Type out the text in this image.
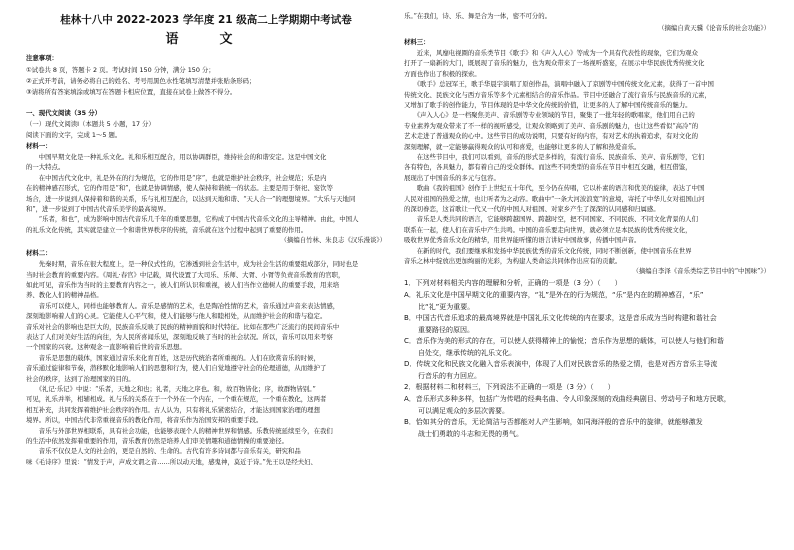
桂林十八中 2022-2023 学年度 21 级高二上学期期中考试卷
语　文
注意事项：
①试卷共 8 页，答题卡 2 页。考试时间 150 分钟，满分 150 分；
②正式开考前，请务必将自己的姓名、考号用黑色水性笔填写清楚并张贴条形码；
③请将所有答案填涂或填写在答题卡相应位置，直接在试卷上做答不得分。
一、现代文阅读（35 分）
（一）现代文阅读Ⅰ（本题共 5 小题，17 分）
阅读下面的文字，完成 1～5 题。
材料一：
　　中国早期文化是一种礼乐文化。礼和乐相互配合，用以协调群臣，维持社会的和谐安定。这是中国文化
的一大特点。
　　在中国古代文化中，礼是外在的行为规范，它的作用是“序”，也就是维护社会秩序，社会规范；乐是内
在的精神感召形式，它的作用是“和”，也就是协调情感，使人保持和谐统一的状态。主要是用于祭祀、宴饮等
场合，进一步说到人保持着和谐的关系，乐与礼相互配合，以达到天地和谐、“天人合一”的理想境界。“大乐与天地同
和”，进一步说到了中国古代音乐美学的最高境界。
　　“乐者，和也”，成为影响中国古代音乐几千年的重要思想，它构成了中国古代音乐文化的主导精神。由此，中国人
的礼乐文化传统，其实就是建立一个和谐世界秩序的传统，音乐就在这个过程中起到了重要的作用。
（摘编自竹林、朱良志《汉乐漫谈》）
材料二：
　　先秦时期，音乐在很大程度上，是一种仪式性的，它渗透到社会生活中，成为社会生活的重要组成部分，同时也是
当时社会教育的重要内容。《周礼·春官》中记载，周代设置了大司乐、乐师、大胥、小胥等负责音乐教育的官职，
如此可见，音乐作为当时的主要教育内容之一，被人们所认识和重视，被人们当作立德树人的重要手段，用来培
养、教化人们的精神品格。
　　音乐可以使人，同样也能够教育人。音乐是感情的艺术，也是陶冶性情的艺术，音乐通过声音来表达情感，
深刻地影响着人们的心灵。它能使人心平气和，使人们能够与他人和睦相处，从而维护社会的和谐与稳定。
音乐对社会的影响也是巨大的，民族音乐反映了民族的精神面貌和时代特征。比如在那些广泛流行的民间音乐中
表达了人们对美好生活的向往，为人民所喜闻乐见，深刻地反映了当时的社会状况。所以，音乐可以用来考察
一个国家的兴衰。这种观念一直影响着后世的音乐思想。
　　音乐是思想的载体，国家通过音乐来化育百姓，这是历代统治者所重视的。人们在欣赏音乐的时候，
音乐通过旋律和节奏，潜移默化地影响人们的思想和行为，使人们自觉地遵守社会的伦理道德，从而维护了
社会的秩序，达到了治理国家的目的。
　　《礼记·乐记》中说：“乐者，天地之和也；礼者，天地之序也。和，故百物皆化；序，故群物皆别。”
可见，礼乐并举，相辅相成。礼与乐的关系在于一个外在一个内在，一个重在规范，一个重在教化，这两者
相互补充，共同发挥着维护社会秩序的作用。古人认为，只有将礼乐紧密结合，才能达到国家治理的理想
境界。所以，中国古代非常重视音乐的教化作用，将音乐作为治国安邦的重要手段。
　　音乐与外部世界相联系，具有社会功能，也能够表现个人的精神世界和情感。乐教传统延续至今，在我们
的生活中依然发挥着重要的作用，音乐教育仍然是培养人们审美情趣和道德情操的重要途径。
　　音乐不仅仅是人文的社会的，更是自然的、生命的。古代有许多诗词都与音乐有关，研究和品
味《毛诗序》里说：“情发于声，声成文谓之音……所以动天地，感鬼神，莫近于诗。”先王以是经夫妇、
乐。”在我们，诗、乐、舞是合为一体，密不可分的。
（摘编自黄天骥《论音乐的社会功能》）
材料三：
　　近来，风靡电视圈的音乐类节目《歌手》和《声入人心》等成为一个具有代表性的现象，它们为观众
打开了一扇新的大门，既展现了音乐的魅力，也为观众带来了一场视听盛宴，在展示中华民族优秀传统文化
方面也作出了积极的探索。
　　《歌手》总冠军王，歌手华晨宇演唱了原创作品，演唱中融入了京剧等中国传统文化元素，获得了一首中国
传统文化、民族文化与西方音乐等多个元素相结合的音乐作品。节目中还融合了流行音乐与民族音乐的元素，
又增加了歌手的创作能力，节目体现的是中华文化传统的价值，让更多的人了解中国传统音乐的魅力。
　　《声入人心》是一档聚焦美声、音乐剧等专业领域的节目，聚集了一批年轻的歌唱家，他们用自己的
专业素养为观众带来了不一样的视听感受，让观众领略到了美声、音乐剧的魅力，也让这些看似“高冷”的
艺术走进了普通观众的心中。这些节目的成功说明，只要有好的内容，有对艺术的执着追求，有对文化的
深刻理解，就一定能够赢得观众的认可和喜爱，也能够让更多的人了解和热爱音乐。
　　在这些节目中，我们可以看到，音乐的形式是多样的，有流行音乐、民族音乐、美声、音乐剧等，它们
各有特色，各具魅力，都有着自己的受众群体。而这些不同类型的音乐在节目中相互交融，相互借鉴，
展现出了中国音乐的多元与包容。
　　歌曲《我的祖国》创作于上世纪五十年代，至今仍在传唱，它以朴素的语言和优美的旋律，表达了中国
人民对祖国的热爱之情，也让听者为之动容。歌曲中“一条大河波浪宽”的意境，寄托了中华儿女对祖国山河
的深切眷恋，这首歌让一代又一代的中国人对祖国、对家乡产生了深深的认同感和归属感。
　　音乐是人类共同的语言，它能够跨越国界、跨越时空，把不同国家、不同民族、不同文化背景的人们
联系在一起，使人们在音乐中产生共鸣。中国的音乐要走向世界，就必须立足本民族的优秀传统文化，
吸收世界优秀音乐文化的精华，用世界能听懂的语言讲好中国故事，传播中国声音。
　　在新的时代，我们要继承和发扬中华民族优秀的音乐文化传统，同时不断创新，使中国音乐在世界
音乐之林中绽放出更加绚丽的光彩，为构建人类命运共同体作出应有的贡献。
（摘编自李泽《音乐类综艺节目中的“中国味”》）
1．下列对材料相关内容的理解和分析，正确的一项是（3 分）（　　）
A．礼乐文化是中国早期文化的重要内容，“礼”是外在的行为规范，“乐”是内在的精神感召，“乐”
　　比“礼”更为重要。
B．中国古代音乐追求的最高境界就是中国礼乐文化传统的内在要求，这是音乐成为当时构建和谐社会
　　重要路径的原因。
C．音乐作为美的形式的存在，可以使人获得精神上的愉悦；音乐作为思想的载体，可以使人与他们和谐
　　自处交，继承传统的礼乐文化。
D．传统文化和民族文化融入音乐表演中，体现了人们对民族音乐的热爱之情，也是对西方音乐主导流
　　行音乐的有力回应。
2．根据材料二和材料三，下列说法不正确的一项是（3 分）（　　）
A．音乐形式多种多样，包括广为传唱的经典名曲、令人印象深刻的戏曲经典剧目、劳动号子和地方民歌，
　　可以满足观众的多层次需要。
B．恰如其分的音乐，无论简洁与否都能对人产生影响，如同海洋般的音乐中的旋律，就能够激发
　　战士们勇敢的斗志和无畏的勇气。
